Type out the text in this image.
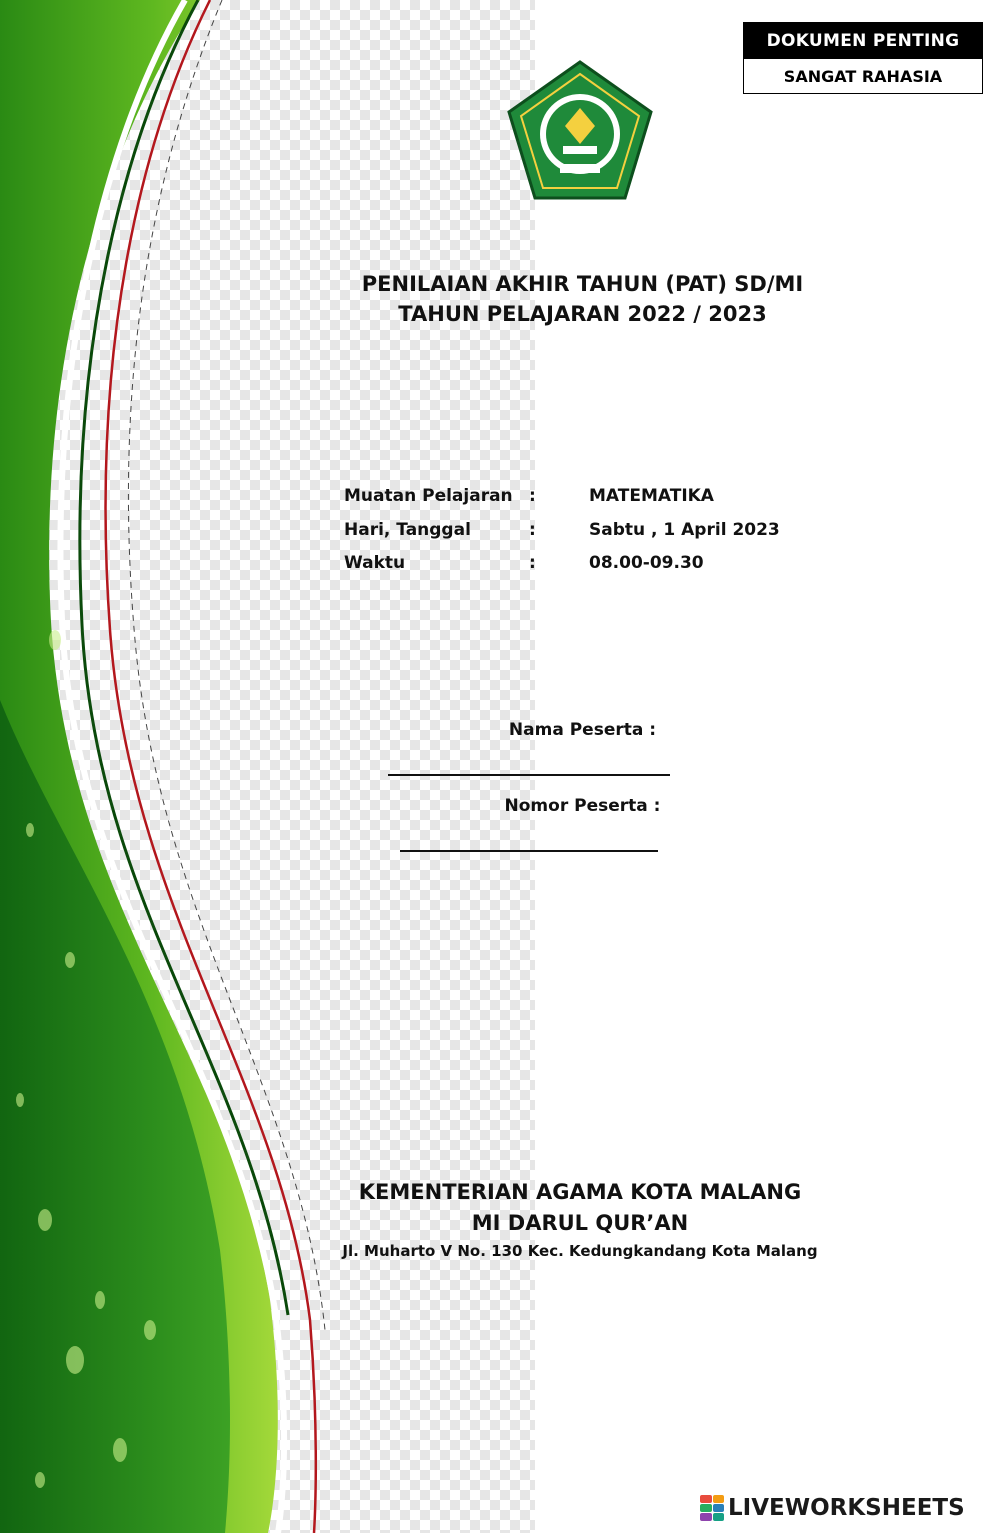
DOKUMEN PENTING
SANGAT RAHASIA
PENILAIAN AKHIR TAHUN (PAT) SD/MI
TAHUN PELAJARAN 2022 / 2023
Muatan Pelajaran :	MATEMATIKA
Hari, Tanggal	:	Sabtu , 1 April 2023
Waktu	:	08.00-09.30
Nama Peserta :
Nomor Peserta :
KEMENTERIAN AGAMA KOTA MALANG
MI DARUL QUR’AN
Jl. Muharto V No. 130 Kec. Kedungkandang Kota Malang
LIVEWORKSHEETS
